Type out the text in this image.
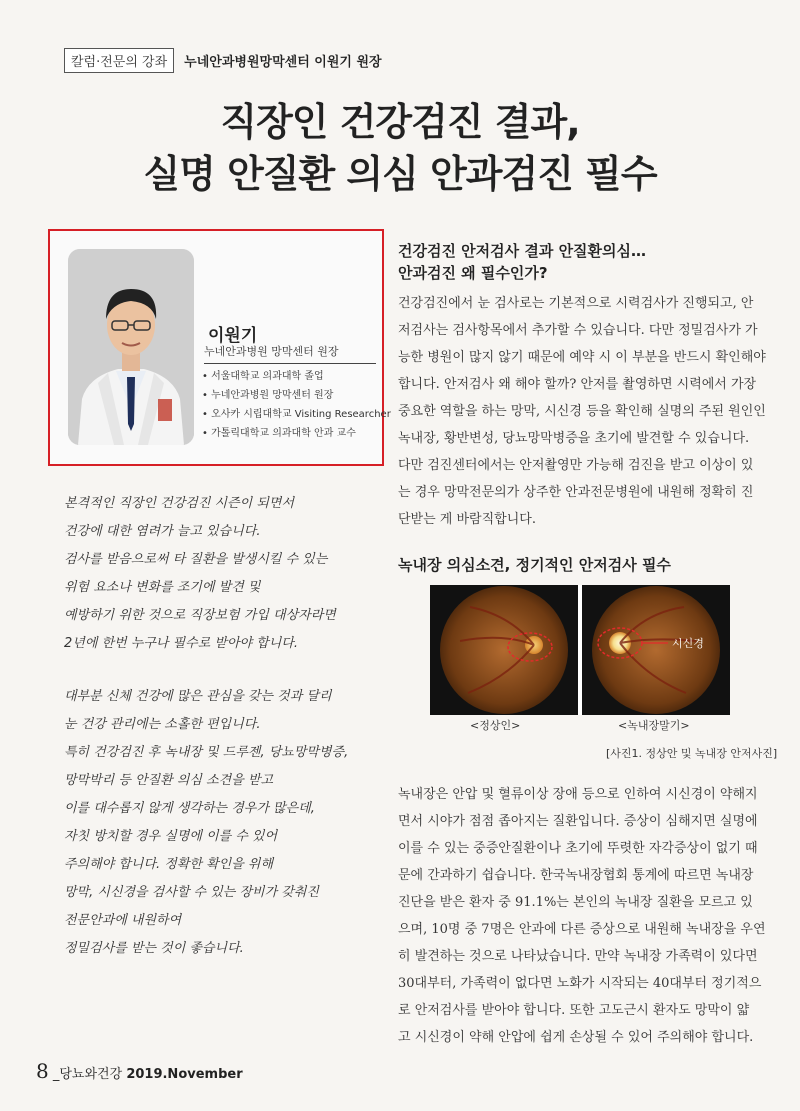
칼럼·전문의 강좌	누네안과병원망막센터 이원기 원장
직장인 건강검진 결과,
실명 안질환 의심 안과검진 필수
이원기
누네안과병원 망막센터 원장
• 서울대학교 의과대학 졸업
• 누네안과병원 망막센터 원장
• 오사카 시립대학교 Visiting Researcher
• 가톨릭대학교 의과대학 안과 교수
본격적인 직장인 건강검진 시즌이 되면서
건강에 대한 염려가 늘고 있습니다.
검사를 받음으로써 타 질환을 발생시킬 수 있는
위험 요소나 변화를 조기에 발견 및
예방하기 위한 것으로 직장보험 가입 대상자라면
2년에 한번 누구나 필수로 받아야 합니다.
대부분 신체 건강에 많은 관심을 갖는 것과 달리
눈 건강 관리에는 소홀한 편입니다.
특히 건강검진 후 녹내장 및 드루젠, 당뇨망막병증,
망막박리 등 안질환 의심 소견을 받고
이를 대수롭지 않게 생각하는 경우가 많은데,
자칫 방치할 경우 실명에 이를 수 있어
주의해야 합니다. 정확한 확인을 위해
망막, 시신경을 검사할 수 있는 장비가 갖춰진
전문안과에 내원하여
정밀검사를 받는 것이 좋습니다.
건강검진 안저검사 결과 안질환의심…
안과검진 왜 필수인가?
건강검진에서 눈 검사로는 기본적으로 시력검사가 진행되고, 안
저검사는 검사항목에서 추가할 수 있습니다. 다만 정밀검사가 가
능한 병원이 많지 않기 때문에 예약 시 이 부분을 반드시 확인해야
합니다. 안저검사 왜 해야 할까? 안저를 촬영하면 시력에서 가장
중요한 역할을 하는 망막, 시신경 등을 확인해 실명의 주된 원인인
녹내장, 황반변성, 당뇨망막병증을 초기에 발견할 수 있습니다.
다만 검진센터에서는 안저촬영만 가능해 검진을 받고 이상이 있
는 경우 망막전문의가 상주한 안과전문병원에 내원해 정확히 진
단받는 게 바람직합니다.
녹내장 의심소견, 정기적인 안저검사 필수
시신경
<정상인>	<녹내장말기>
[사진1. 정상안 및 녹내장 안저사진]
녹내장은 안압 및 혈류이상 장애 등으로 인하여 시신경이 약해지
면서 시야가 점점 좁아지는 질환입니다. 증상이 심해지면 실명에
이를 수 있는 중증안질환이나 초기에 뚜렷한 자각증상이 없기 때
문에 간과하기 쉽습니다. 한국녹내장협회 통계에 따르면 녹내장
진단을 받은 환자 중 91.1%는 본인의 녹내장 질환을 모르고 있
으며, 10명 중 7명은 안과에 다른 증상으로 내원해 녹내장을 우연
히 발견하는 것으로 나타났습니다. 만약 녹내장 가족력이 있다면
30대부터, 가족력이 없다면 노화가 시작되는 40대부터 정기적으
로 안저검사를 받아야 합니다. 또한 고도근시 환자도 망막이 얇
고 시신경이 약해 안압에 쉽게 손상될 수 있어 주의해야 합니다.
8 _당뇨와건강 2019.November
